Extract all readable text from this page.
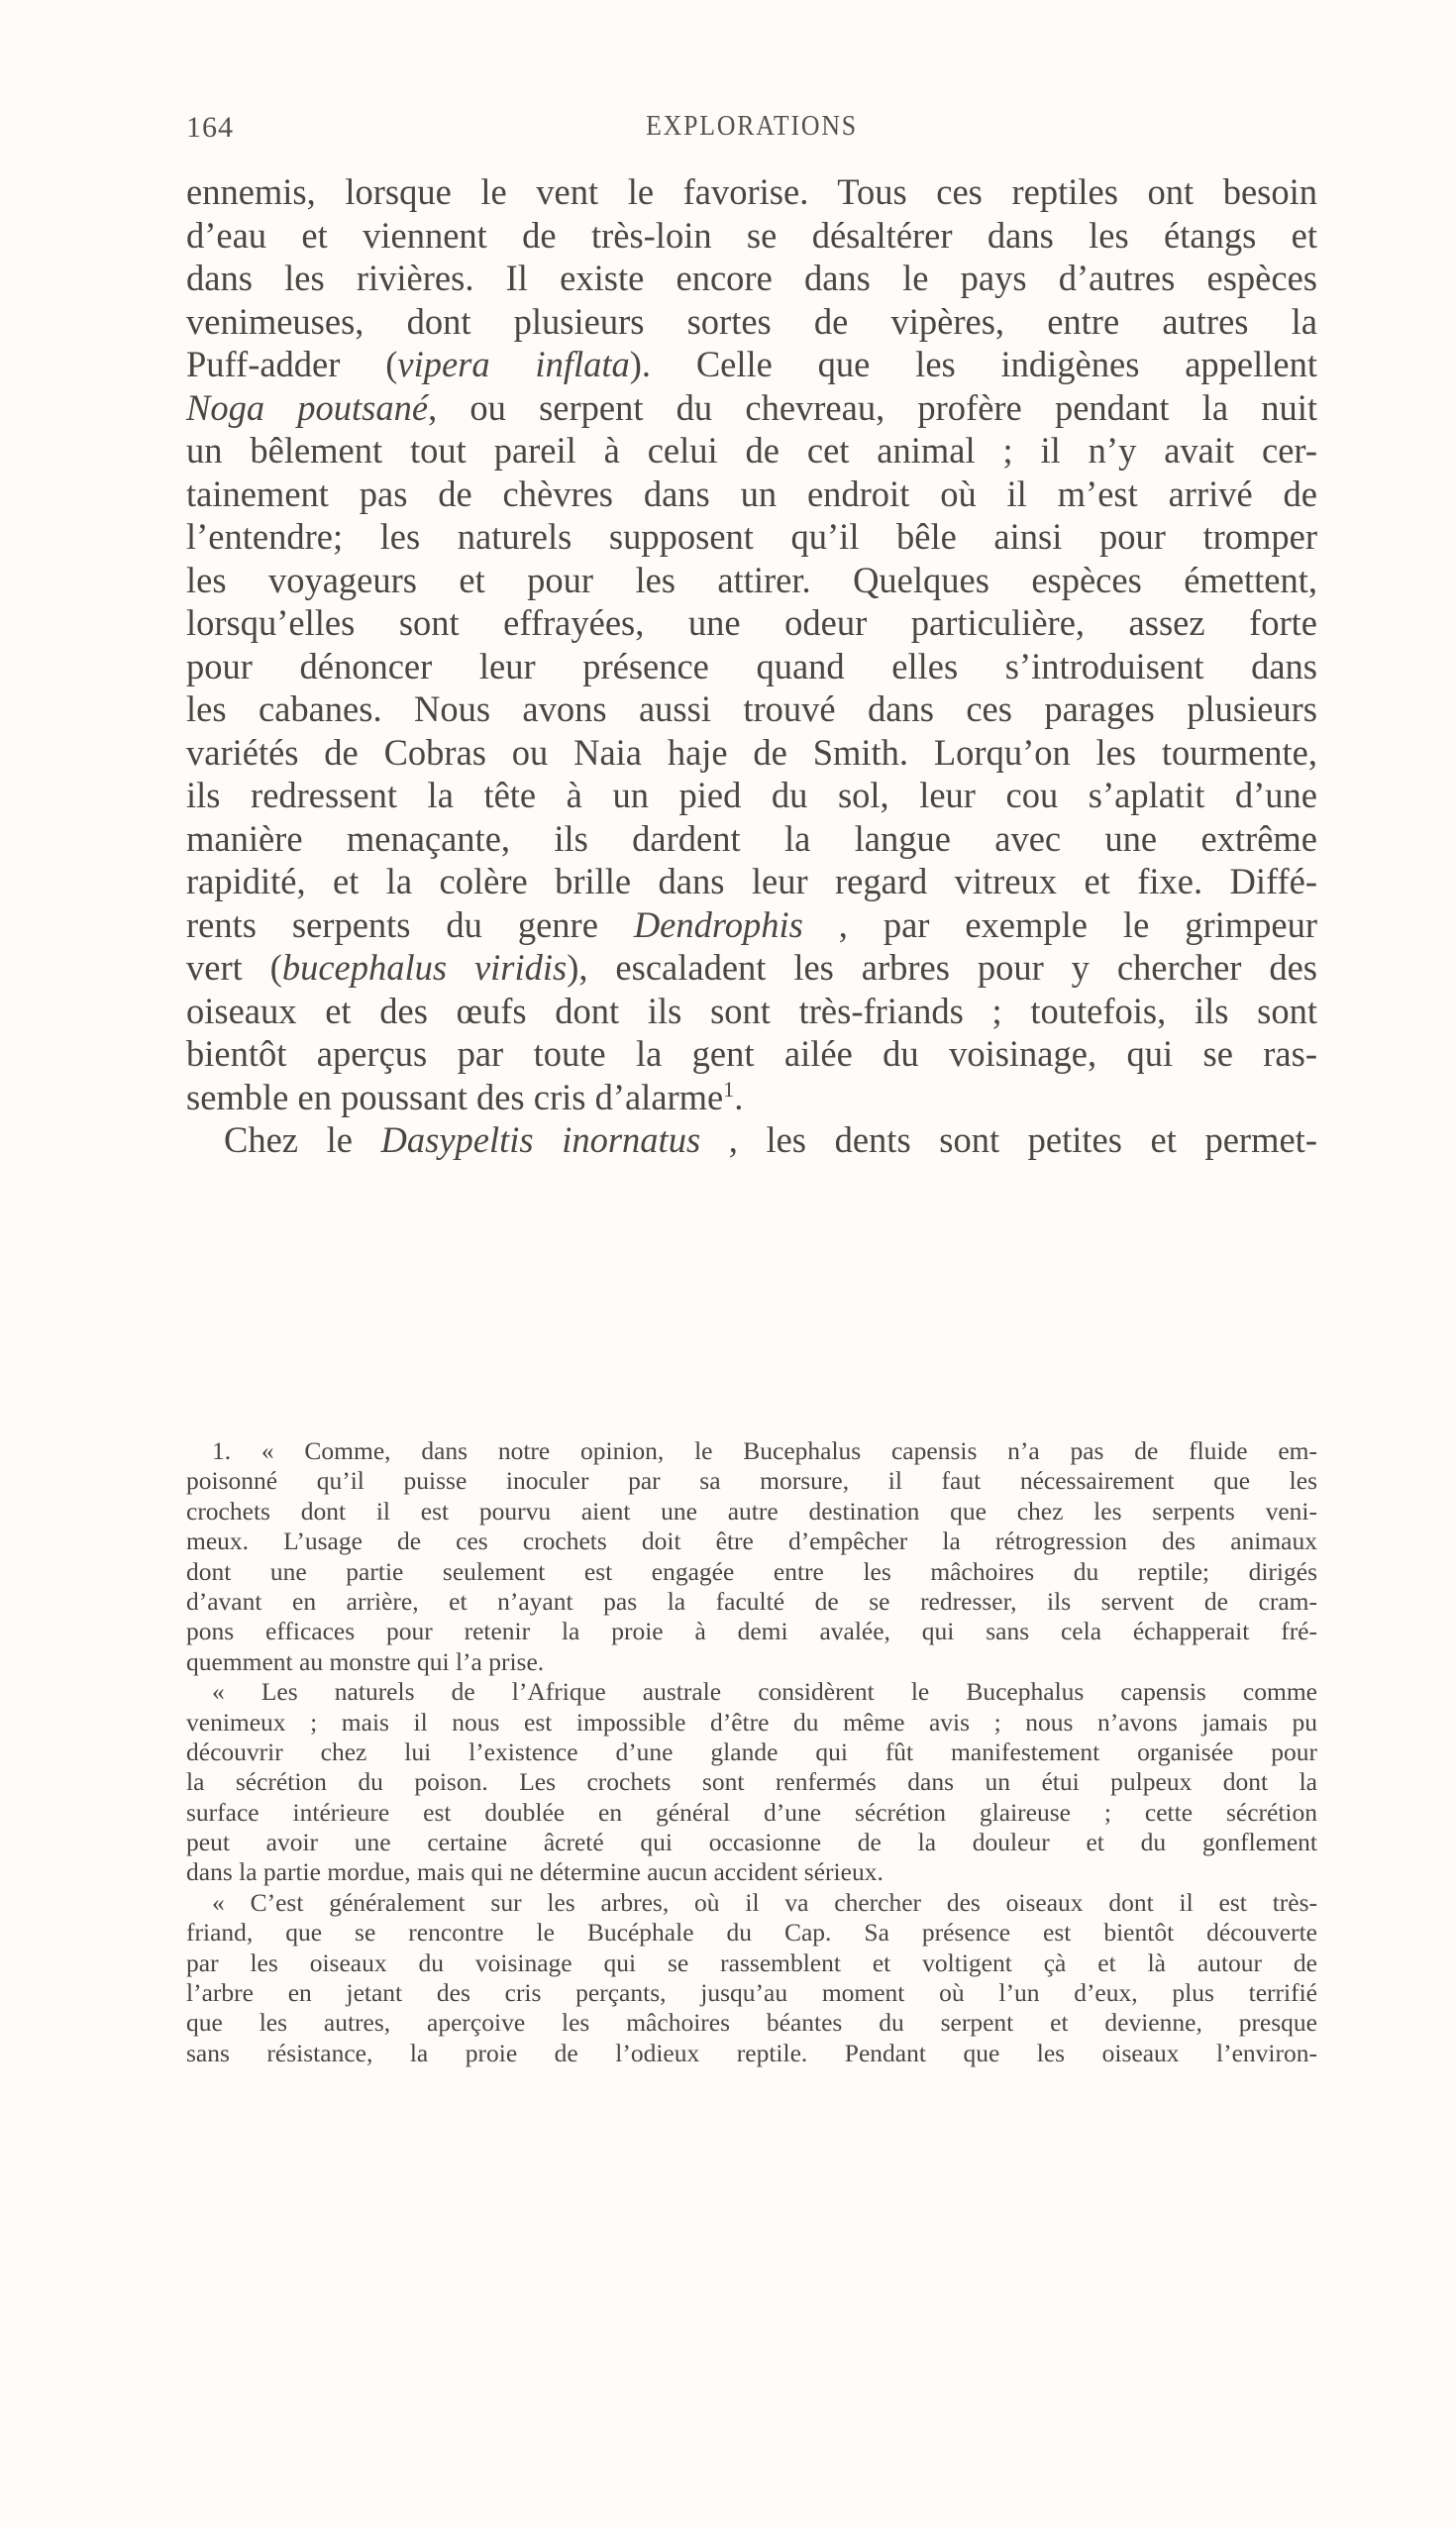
164	EXPLORATIONS
ennemis, lorsque le vent le favorise. Tous ces reptiles ont besoin
d’eau et viennent de très-loin se désaltérer dans les étangs et
dans les rivières. Il existe encore dans le pays d’autres espèces
venimeuses, dont plusieurs sortes de vipères, entre autres la
Puff-adder (vipera inflata). Celle que les indigènes appellent
Noga poutsané, ou serpent du chevreau, profère pendant la nuit
un bêlement tout pareil à celui de cet animal ; il n’y avait cer-
tainement pas de chèvres dans un endroit où il m’est arrivé de
l’entendre; les naturels supposent qu’il bêle ainsi pour tromper
les voyageurs et pour les attirer. Quelques espèces émettent,
lorsqu’elles sont effrayées, une odeur particulière, assez forte
pour dénoncer leur présence quand elles s’introduisent dans
les cabanes. Nous avons aussi trouvé dans ces parages plusieurs
variétés de Cobras ou Naia haje de Smith. Lorqu’on les tourmente,
ils redressent la tête à un pied du sol, leur cou s’aplatit d’une
manière menaçante, ils dardent la langue avec une extrême
rapidité, et la colère brille dans leur regard vitreux et fixe. Diffé-
rents serpents du genre Dendrophis , par exemple le grimpeur
vert (bucephalus viridis), escaladent les arbres pour y chercher des
oiseaux et des œufs dont ils sont très-friands ; toutefois, ils sont
bientôt aperçus par toute la gent ailée du voisinage, qui se ras-
semble en poussant des cris d’alarme$^1$.
Chez le Dasypeltis inornatus , les dents sont petites et permet-
1. « Comme, dans notre opinion, le Bucephalus capensis n’a pas de fluide em-
poisonné qu’il puisse inoculer par sa morsure, il faut nécessairement que les
crochets dont il est pourvu aient une autre destination que chez les serpents veni-
meux. L’usage de ces crochets doit être d’empêcher la rétrogression des animaux
dont une partie seulement est engagée entre les mâchoires du reptile; dirigés
d’avant en arrière, et n’ayant pas la faculté de se redresser, ils servent de cram-
pons efficaces pour retenir la proie à demi avalée, qui sans cela échapperait fré-
quemment au monstre qui l’a prise.
« Les naturels de l’Afrique australe considèrent le Bucephalus capensis comme
venimeux ; mais il nous est impossible d’être du même avis ; nous n’avons jamais pu
découvrir chez lui l’existence d’une glande qui fût manifestement organisée pour
la sécrétion du poison. Les crochets sont renfermés dans un étui pulpeux dont la
surface intérieure est doublée en général d’une sécrétion glaireuse ; cette sécrétion
peut avoir une certaine âcreté qui occasionne de la douleur et du gonflement
dans la partie mordue, mais qui ne détermine aucun accident sérieux.
« C’est généralement sur les arbres, où il va chercher des oiseaux dont il est très-
friand, que se rencontre le Bucéphale du Cap. Sa présence est bientôt découverte
par les oiseaux du voisinage qui se rassemblent et voltigent çà et là autour de
l’arbre en jetant des cris perçants, jusqu’au moment où l’un d’eux, plus terrifié
que les autres, aperçoive les mâchoires béantes du serpent et devienne, presque
sans résistance, la proie de l’odieux reptile. Pendant que les oiseaux l’environ-
